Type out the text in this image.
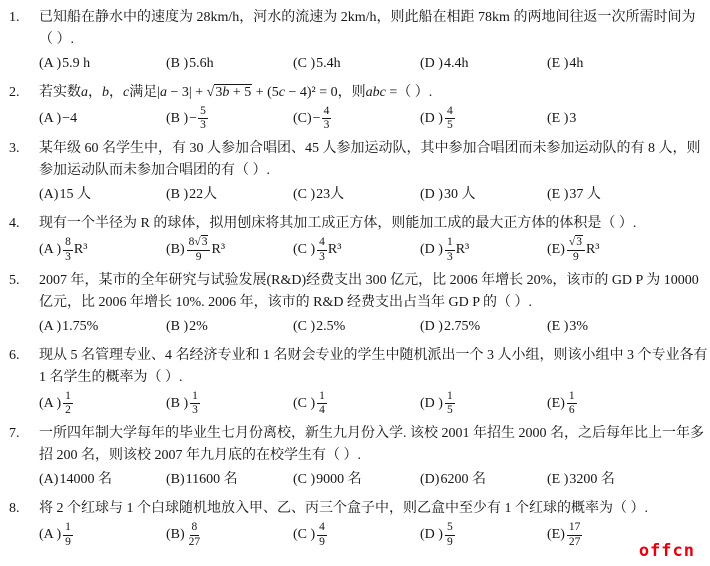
1.	已知船在静水中的速度为 28km/h，河水的流速为 2km/h，则此船在相距 78km 的两地间往返一次所需时间为
（ ）.
(A )5.9 h	(B )5.6h	(C )5.4h	(D )4.4h	(E )4h
2.	若实数a，b，c满足|a − 3| + √3b + 5 + (5c − 4)² = 0，则abc =（ ）.
(A )−4	(B )− $\frac{5}{3}$	$(C)- \frac{4}{3}$	(D ) $\frac{4}{5}$	(E )3
3.	某年级 60 名学生中，有 30 人参加合唱团、45 人参加运动队，其中参加合唱团而未参加运动队的有 8 人，则
参加运动队而未参加合唱团的有（ ）.
(A)15 人	(B )22人	(C )23人	(D )30 人	(E )37 人
4.	现有一个半径为 R 的球体，拟用刨床将其加工成正方体，则能加工成的最大正方体的体积是（ ）.
(A ) $\frac{8}{3} R^3$	$(B) \frac{8√3}{9} R^3$	(C ) $\frac{4}{3} R^3$	(D ) $\frac{1}{3} R^3$	$(E) \frac{√3}{9} R^3$
5.	2007 年，某市的全年研究与试验发展(R&D)经费支出 300 亿元，比 2006 年增长 20%，该市的 GD P 为 10000
亿元，比 2006 年增长 10%. 2006 年，该市的 R&D 经费支出占当年 GD P 的（ ）.
(A )1.75%	(B )2%	(C )2.5%	(D )2.75%	(E )3%
6.	现从 5 名管理专业、4 名经济专业和 1 名财会专业的学生中随机派出一个 3 人小组，则该小组中 3 个专业各有
1 名学生的概率为（ ）.
(A ) $\frac{1}{2}$	(B ) $\frac{1}{3}$	(C ) $\frac{1}{4}$	(D ) $\frac{1}{5}$	$(E) \frac{1}{6}$
7.	一所四年制大学每年的毕业生七月份离校，新生九月份入学. 该校 2001 年招生 2000 名，之后每年比上一年多
招 200 名，则该校 2007 年九月底的在校学生有（ ）.
(A)14000 名	(B)11600 名	(C )9000 名	(D)6200 名	(E )3200 名
8.	将 2 个红球与 1 个白球随机地放入甲、乙、丙三个盒子中，则乙盒中至少有 1 个红球的概率为（ ）.
(A ) $\frac{1}{9}$	$(B) \frac{8}{27}$	(C ) $\frac{4}{9}$	(D ) $\frac{5}{9}$	$(E) \frac{17}{27}$
offcn
